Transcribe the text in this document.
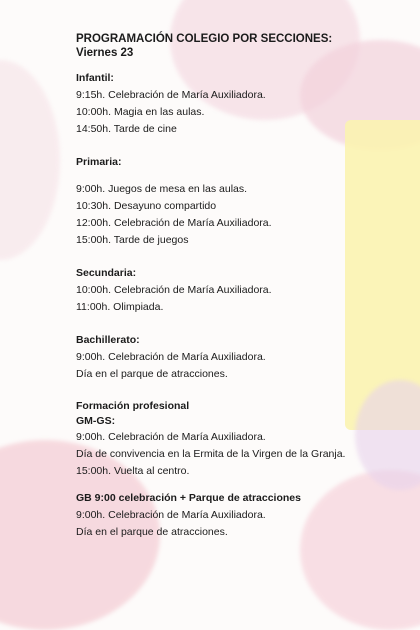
PROGRAMACIÓN COLEGIO POR SECCIONES:

Viernes 23

Infantil:

9:15h. Celebración de María Auxiliadora.

10:00h. Magia en las aulas.

14:50h. Tarde de cine

Primaria:

9:00h. Juegos de mesa en las aulas.

10:30h. Desayuno compartido

12:00h. Celebración de María Auxiliadora.

15:00h. Tarde de juegos

Secundaria:

10:00h. Celebración de María Auxiliadora.

11:00h. Olimpiada.

Bachillerato:

9:00h. Celebración de María Auxiliadora.

Día en el parque de atracciones.

Formación profesional

GM-GS:

9:00h. Celebración de María Auxiliadora.

Día de convivencia en la Ermita de la Virgen de la Granja.

15:00h. Vuelta al centro.

GB 9:00 celebración + Parque de atracciones

9:00h. Celebración de María Auxiliadora.

Día en el parque de atracciones.
